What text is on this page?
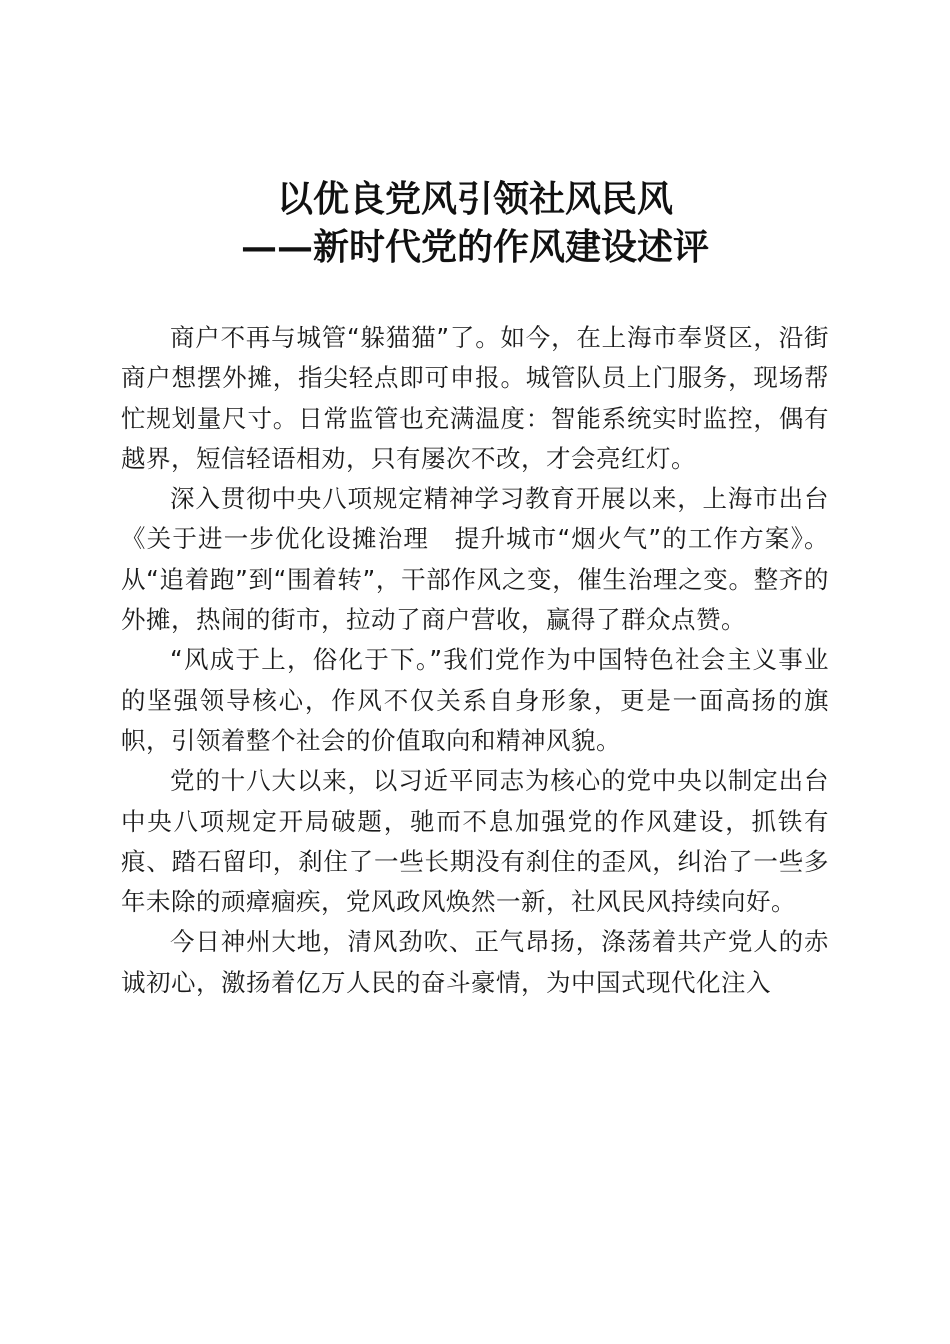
以优良党风引领社风民风
——新时代党的作风建设述评

商户不再与城管“躲猫猫”了。如今，在上海市奉贤区，沿街商户想摆外摊，指尖轻点即可申报。城管队员上门服务，现场帮忙规划量尺寸。日常监管也充满温度：智能系统实时监控，偶有越界，短信轻语相劝，只有屡次不改，才会亮红灯。

深入贯彻中央八项规定精神学习教育开展以来，上海市出台《关于进一步优化设摊治理　提升城市“烟火气”的工作方案》。从“追着跑”到“围着转”，干部作风之变，催生治理之变。整齐的外摊，热闹的街市，拉动了商户营收，赢得了群众点赞。

“风成于上，俗化于下。”我们党作为中国特色社会主义事业的坚强领导核心，作风不仅关系自身形象，更是一面高扬的旗帜，引领着整个社会的价值取向和精神风貌。

党的十八大以来，以习近平同志为核心的党中央以制定出台中央八项规定开局破题，驰而不息加强党的作风建设，抓铁有痕、踏石留印，刹住了一些长期没有刹住的歪风，纠治了一些多年未除的顽瘴痼疾，党风政风焕然一新，社风民风持续向好。

今日神州大地，清风劲吹、正气昂扬，涤荡着共产党人的赤诚初心，激扬着亿万人民的奋斗豪情，为中国式现代化注入
